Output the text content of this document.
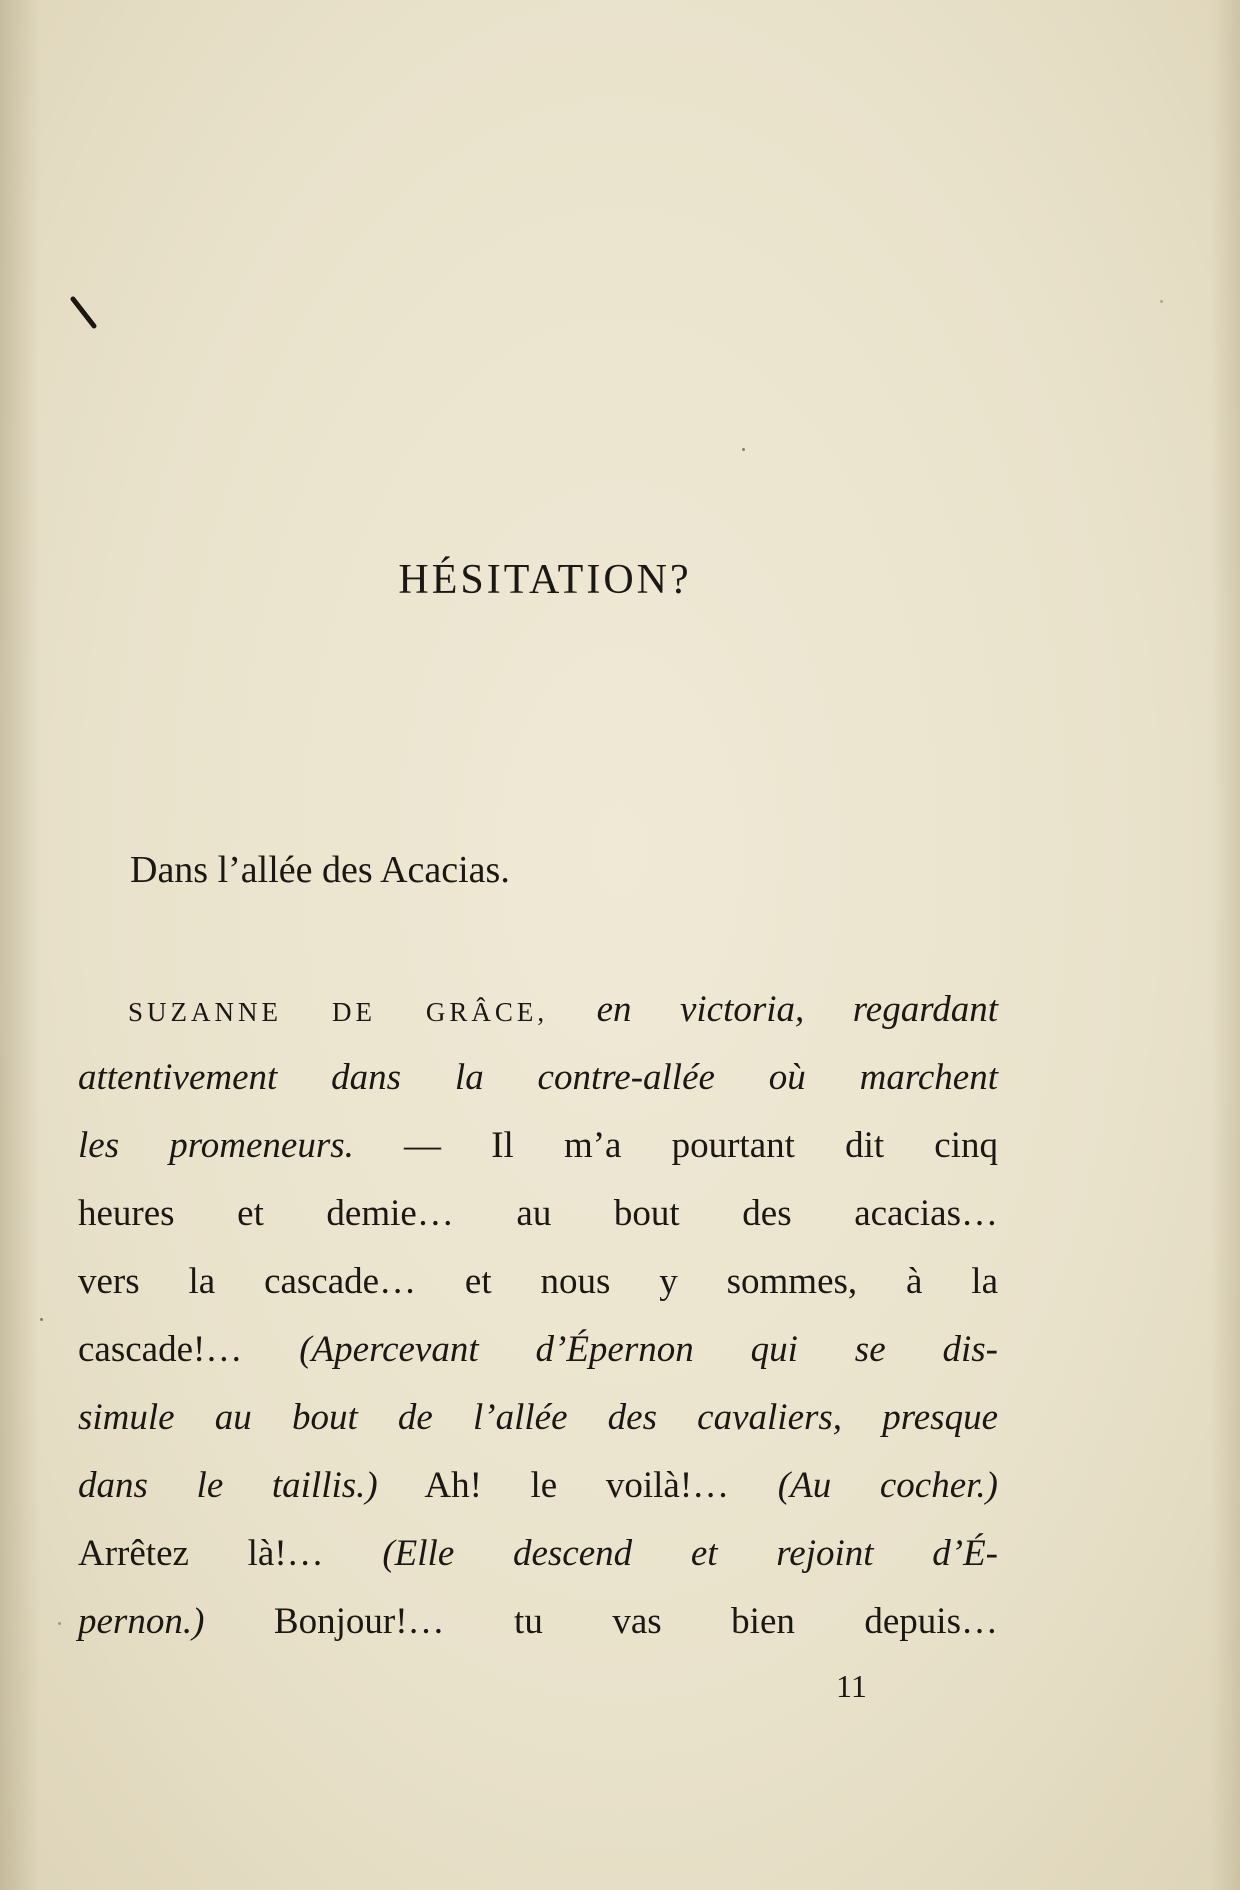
HÉSITATION?

Dans l’allée des Acacias.

SUZANNE DE GRÂCE, en victoria, regardant
attentivement dans la contre-allée où marchent
les promeneurs. — Il m’a pourtant dit cinq
heures et demie… au bout des acacias…
vers la cascade… et nous y sommes, à la
cascade!… (Apercevant d’Épernon qui se dis-
simule au bout de l’allée des cavaliers, presque
dans le taillis.) Ah! le voilà!… (Au cocher.)
Arrêtez là!… (Elle descend et rejoint d’É-
pernon.) Bonjour!… tu vas bien depuis…

11
